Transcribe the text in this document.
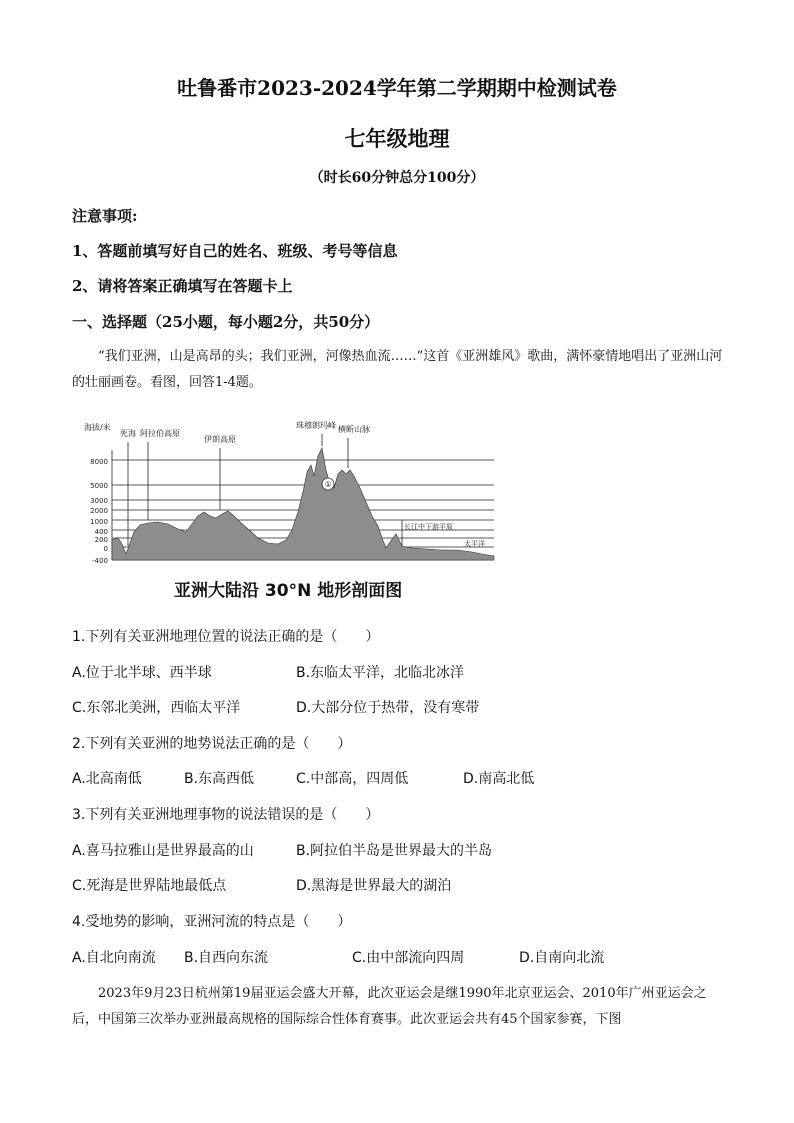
吐鲁番市2023-2024学年第二学期期中检测试卷
七年级地理
（时长60分钟总分100分）
注意事项:
1、答题前填写好自己的姓名、班级、考号等信息
2、请将答案正确填写在答题卡上
一、选择题（25小题，每小题2分，共50分）
“我们亚洲，山是高昂的头；我们亚洲，河像热血流……”这首《亚洲雄风》歌曲，满怀豪情地唱出了亚洲山河的壮丽画卷。看图，回答1-4题。
海拔/米
8000
5000
3000
2000
1000
400
200
0
-400
①
死海 阿拉伯高原
伊朗高原
珠穆朗玛峰 横断山脉
长江中下游平原
太平洋
亚洲大陆沿 30°N 地形剖面图
1.下列有关亚洲地理位置的说法正确的是（　　）
A.位于北半球、西半球	B.东临太平洋，北临北冰洋
C.东邻北美洲，西临太平洋	D.大部分位于热带，没有寒带
2.下列有关亚洲的地势说法正确的是（　　）
A.北高南低	B.东高西低	C.中部高，四周低	D.南高北低
3.下列有关亚洲地理事物的说法错误的是（　　）
A.喜马拉雅山是世界最高的山	B.阿拉伯半岛是世界最大的半岛
C.死海是世界陆地最低点	D.黑海是世界最大的湖泊
4.受地势的影响，亚洲河流的特点是（　　）
A.自北向南流 B.自西向东流	C.由中部流向四周	D.自南向北流
2023年9月23日杭州第19届亚运会盛大开幕，此次亚运会是继1990年北京亚运会、2010年广州亚运会之后，中国第三次举办亚洲最高规格的国际综合性体育赛事。此次亚运会共有45个国家参赛，下图
